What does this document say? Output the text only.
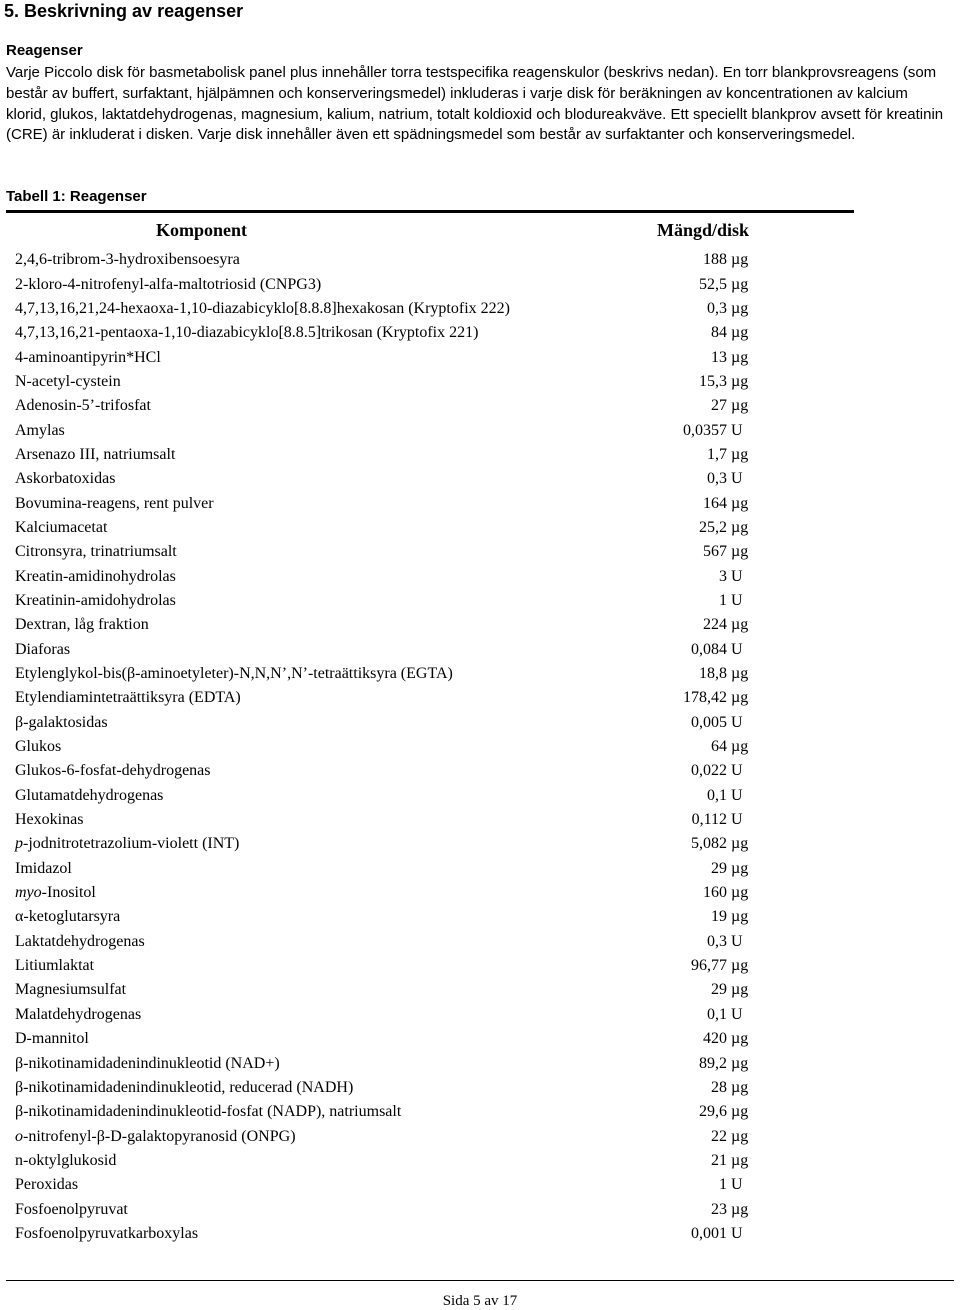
5. Beskrivning av reagenser
Reagenser
Varje Piccolo disk för basmetabolisk panel plus innehåller torra testspecifika reagenskulor (beskrivs nedan). En torr blankprovsreagens (som består av buffert, surfaktant, hjälpämnen och konserveringsmedel) inkluderas i varje disk för beräkningen av koncentrationen av kalcium klorid, glukos, laktatdehydrogenas, magnesium, kalium, natrium, totalt koldioxid och blodureakväve. Ett speciellt blankprov avsett för kreatinin (CRE) är inkluderat i disken. Varje disk innehåller även ett spädningsmedel som består av surfaktanter och konserveringsmedel.
Tabell 1: Reagenser
Komponent	Mängd/disk
2,4,6-tribrom-3-hydroxibensoesyra	188 µg
2-kloro-4-nitrofenyl-alfa-maltotriosid (CNPG3)	52,5 µg
4,7,13,16,21,24-hexaoxa-1,10-diazabicyklo[8.8.8]hexakosan (Kryptofix 222)	0,3 µg
4,7,13,16,21-pentaoxa-1,10-diazabicyklo[8.8.5]trikosan (Kryptofix 221)	84 µg
4-aminoantipyrin*HCl	13 µg
N-acetyl-cystein	15,3 µg
Adenosin-5’-trifosfat	27 µg
Amylas	0,0357 U
Arsenazo III, natriumsalt	1,7 µg
Askorbatoxidas	0,3 U
Bovumina-reagens, rent pulver	164 µg
Kalciumacetat	25,2 µg
Citronsyra, trinatriumsalt	567 µg
Kreatin-amidinohydrolas	3 U
Kreatinin-amidohydrolas	1 U
Dextran, låg fraktion	224 µg
Diaforas	0,084 U
Etylenglykol-bis(β-aminoetyleter)-N,N,N’,N’-tetraättiksyra (EGTA)	18,8 µg
Etylendiamintetraättiksyra (EDTA)	178,42 µg
β-galaktosidas	0,005 U
Glukos	64 µg
Glukos-6-fosfat-dehydrogenas	0,022 U
Glutamatdehydrogenas	0,1 U
Hexokinas	0,112 U
p-jodnitrotetrazolium-violett (INT)	5,082 µg
Imidazol	29 µg
myo-Inositol	160 µg
α-ketoglutarsyra	19 µg
Laktatdehydrogenas	0,3 U
Litiumlaktat	96,77 µg
Magnesiumsulfat	29 µg
Malatdehydrogenas	0,1 U
D-mannitol	420 µg
β-nikotinamidadenindinukleotid (NAD+)	89,2 µg
β-nikotinamidadenindinukleotid, reducerad (NADH)	28 µg
β-nikotinamidadenindinukleotid-fosfat (NADP), natriumsalt	29,6 µg
o-nitrofenyl-β-D-galaktopyranosid (ONPG)	22 µg
n-oktylglukosid	21 µg
Peroxidas	1 U
Fosfoenolpyruvat	23 µg
Fosfoenolpyruvatkarboxylas	0,001 U
Sida 5 av 17
